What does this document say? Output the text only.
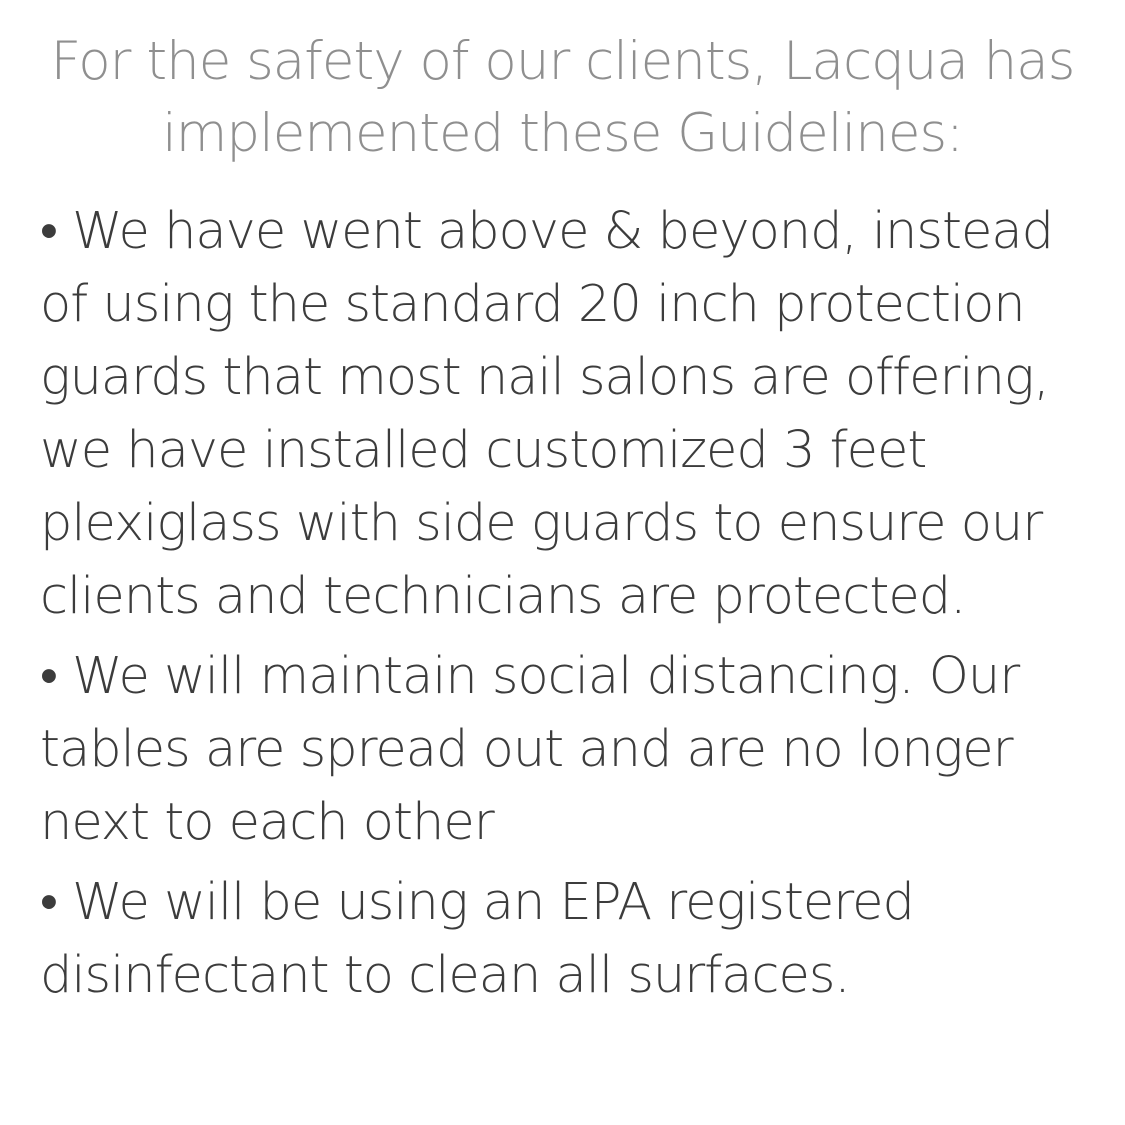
For the safety of our clients, Lacqua has
implemented these Guidelines:

• We have went above & beyond, instead
of using the standard 20 inch protection
guards that most nail salons are offering,
we have installed customized 3 feet
plexiglass with side guards to ensure our
clients and technicians are protected.

• We will maintain social distancing. Our
tables are spread out and are no longer
next to each other

• We will be using an EPA registered
disinfectant to clean all surfaces.
